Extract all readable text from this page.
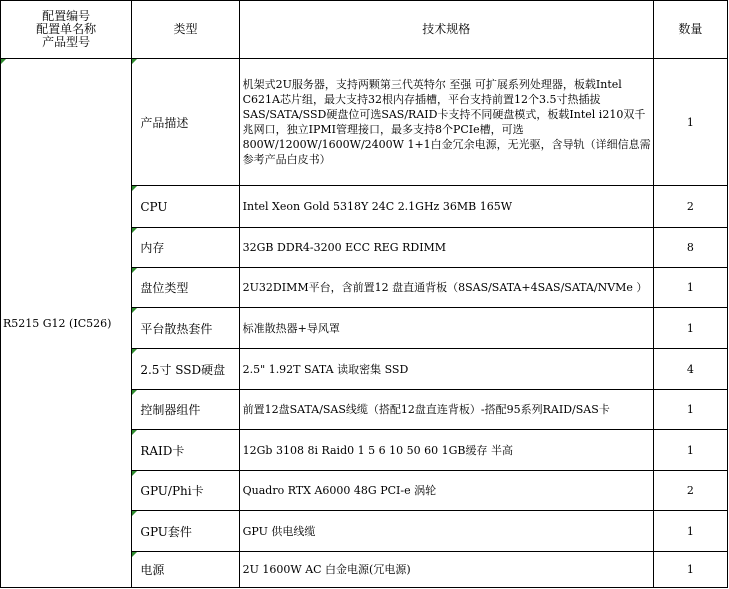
配置编号
配置单名称
产品型号	类型	技术规格	数量
R5215 G12 (IC526)	产品描述	机架式2U服务器，支持两颗第三代英特尔 至强 可扩展系列处理器，板载Intel C621A芯片组，最大支持32根内存插槽，平台支持前置12个3.5寸热插拔SAS/SATA/SSD硬盘位可选SAS/RAID卡支持不同硬盘模式，板载Intel i210双千兆网口，独立IPMI管理接口，最多支持8个PCIe槽，可选800W/1200W/1600W/2400W 1+1白金冗余电源，无光驱，含导轨（详细信息需参考产品白皮书）	1
	CPU	Intel Xeon Gold 5318Y 24C 2.1GHz 36MB 165W	2
	内存	32GB DDR4-3200 ECC REG RDIMM	8
	盘位类型	2U32DIMM平台，含前置12 盘直通背板（8SAS/SATA+4SAS/SATA/NVMe ）	1
	平台散热套件	标准散热器+导风罩	1
	2.5寸 SSD硬盘	2.5" 1.92T SATA 读取密集 SSD	4
	控制器组件	前置12盘SATA/SAS线缆（搭配12盘直连背板）-搭配95系列RAID/SAS卡	1
	RAID卡	12Gb 3108 8i Raid0 1 5 6 10 50 60 1GB缓存 半高	1
	GPU/Phi卡	Quadro RTX A6000 48G PCI-e 涡轮	2
	GPU套件	GPU 供电线缆	1
	电源	2U 1600W AC 白金电源(冗电源)	1
